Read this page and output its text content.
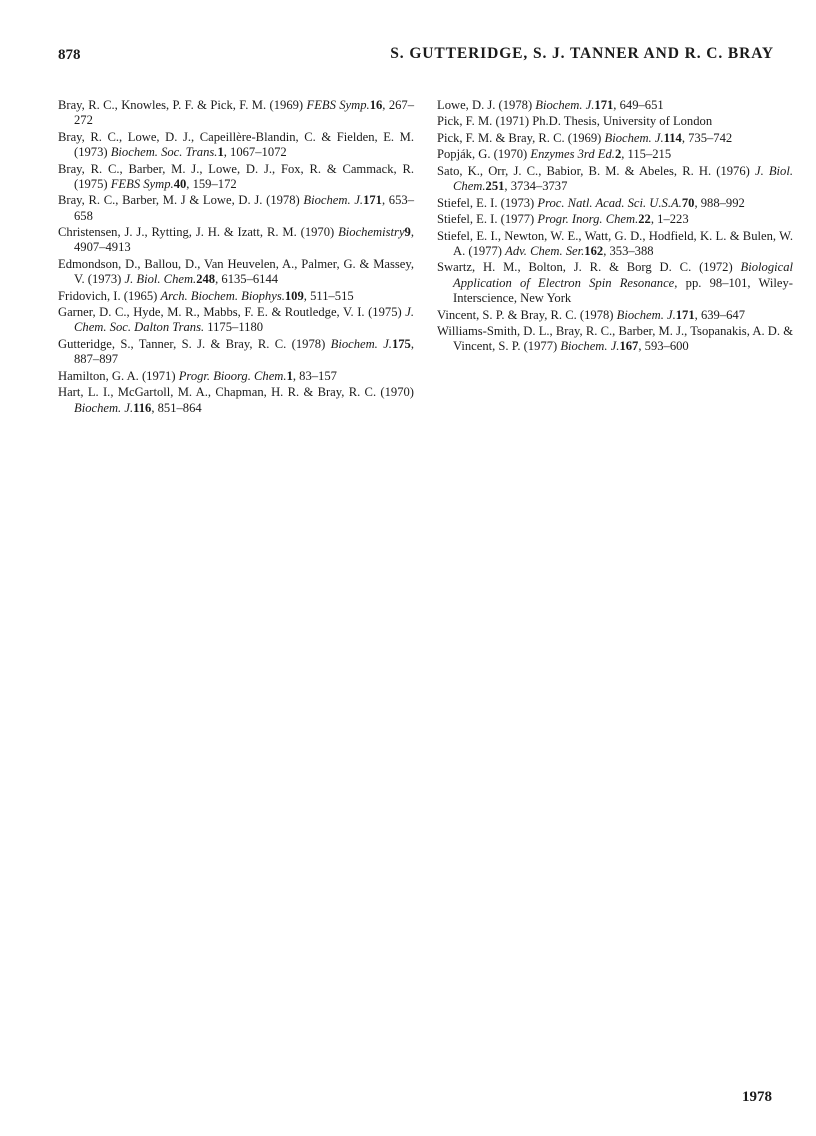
878	S. GUTTERIDGE, S. J. TANNER AND R. C. BRAY

Bray, R. C., Knowles, P. F. & Pick, F. M. (1969) FEBS Symp.16, 267–272

Bray, R. C., Lowe, D. J., Capeillère-Blandin, C. & Fielden, E. M. (1973) Biochem. Soc. Trans.1, 1067–1072

Bray, R. C., Barber, M. J., Lowe, D. J., Fox, R. & Cammack, R. (1975) FEBS Symp.40, 159–172

Bray, R. C., Barber, M. J & Lowe, D. J. (1978) Biochem. J.171, 653–658

Christensen, J. J., Rytting, J. H. & Izatt, R. M. (1970) Biochemistry9, 4907–4913

Edmondson, D., Ballou, D., Van Heuvelen, A., Palmer, G. & Massey, V. (1973) J. Biol. Chem.248, 6135–6144

Fridovich, I. (1965) Arch. Biochem. Biophys.109, 511–515

Garner, D. C., Hyde, M. R., Mabbs, F. E. & Routledge, V. I. (1975) J. Chem. Soc. Dalton Trans. 1175–1180

Gutteridge, S., Tanner, S. J. & Bray, R. C. (1978) Biochem. J.175, 887–897

Hamilton, G. A. (1971) Progr. Bioorg. Chem.1, 83–157

Hart, L. I., McGartoll, M. A., Chapman, H. R. & Bray, R. C. (1970) Biochem. J.116, 851–864

Lowe, D. J. (1978) Biochem. J.171, 649–651

Pick, F. M. (1971) Ph.D. Thesis, University of London

Pick, F. M. & Bray, R. C. (1969) Biochem. J.114, 735–742

Popják, G. (1970) Enzymes 3rd Ed.2, 115–215

Sato, K., Orr, J. C., Babior, B. M. & Abeles, R. H. (1976) J. Biol. Chem.251, 3734–3737

Stiefel, E. I. (1973) Proc. Natl. Acad. Sci. U.S.A.70, 988–992

Stiefel, E. I. (1977) Progr. Inorg. Chem.22, 1–223

Stiefel, E. I., Newton, W. E., Watt, G. D., Hodfield, K. L. & Bulen, W. A. (1977) Adv. Chem. Ser.162, 353–388

Swartz, H. M., Bolton, J. R. & Borg D. C. (1972) Biological Application of Electron Spin Resonance, pp. 98–101, Wiley-Interscience, New York

Vincent, S. P. & Bray, R. C. (1978) Biochem. J.171, 639–647

Williams-Smith, D. L., Bray, R. C., Barber, M. J., Tsopanakis, A. D. & Vincent, S. P. (1977) Biochem. J.167, 593–600

1978
